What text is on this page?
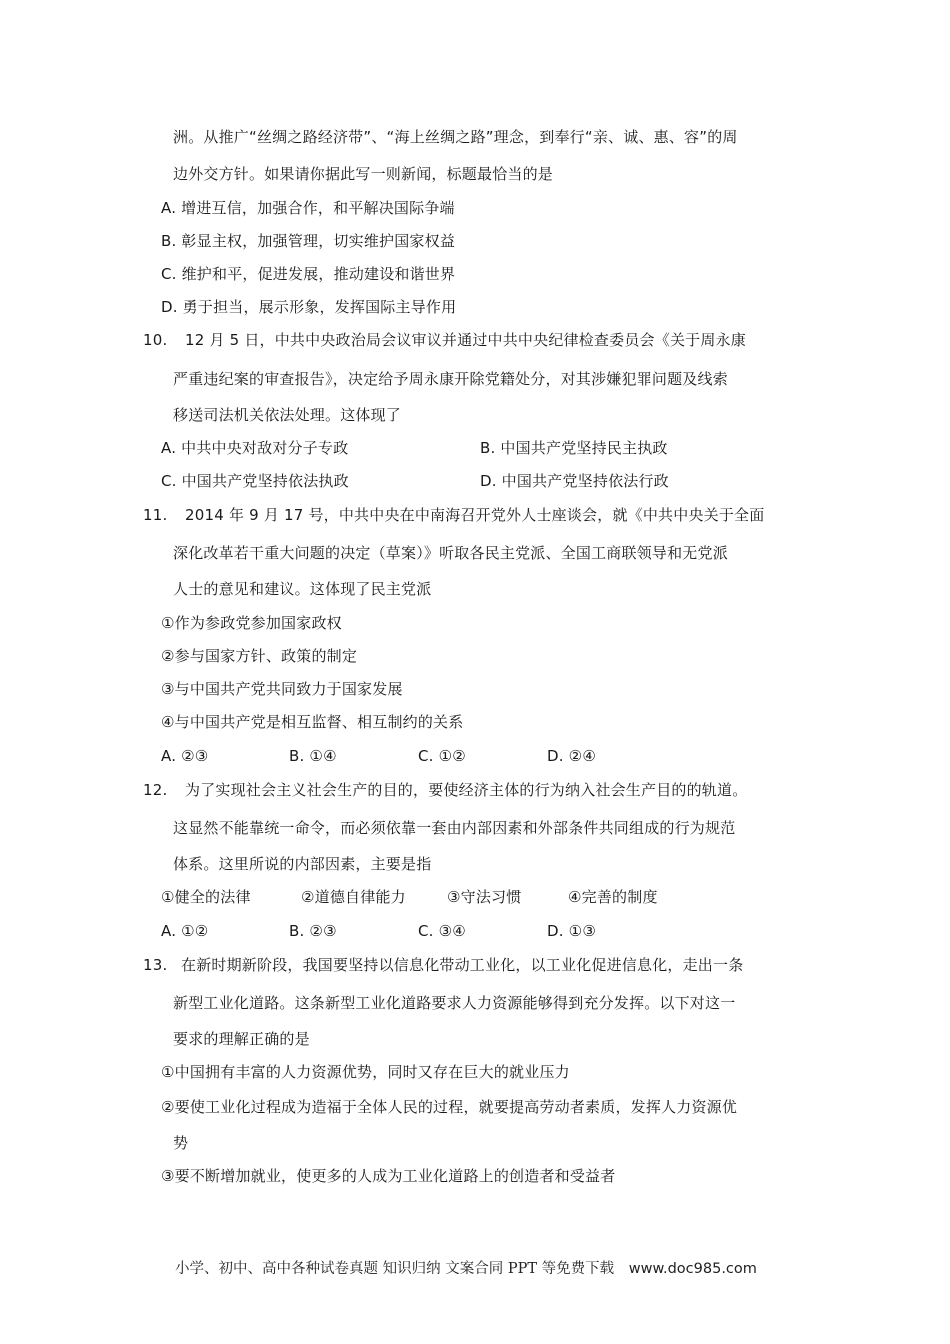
洲。从推广“丝绸之路经济带”、“海上丝绸之路”理念，到奉行“亲、诚、惠、容”的周
边外交方针。如果请你据此写一则新闻，标题最恰当的是
A. 增进互信，加强合作，和平解决国际争端
B. 彰显主权，加强管理，切实维护国家权益
C. 维护和平，促进发展，推动建设和谐世界
D. 勇于担当，展示形象，发挥国际主导作用
10. 12 月 5 日，中共中央政治局会议审议并通过中共中央纪律检查委员会《关于周永康
严重违纪案的审查报告》，决定给予周永康开除党籍处分，对其涉嫌犯罪问题及线索
移送司法机关依法处理。这体现了
A. 中共中央对敌对分子专政	B. 中国共产党坚持民主执政
C. 中国共产党坚持依法执政	D. 中国共产党坚持依法行政
11. 2014 年 9 月 17 号，中共中央在中南海召开党外人士座谈会，就《中共中央关于全面
深化改革若干重大问题的决定（草案）》听取各民主党派、全国工商联领导和无党派
人士的意见和建议。这体现了民主党派
①作为参政党参加国家政权
②参与国家方针、政策的制定
③与中国共产党共同致力于国家发展
④与中国共产党是相互监督、相互制约的关系
A. ②③	B. ①④	C. ①②	D. ②④
12. 为了实现社会主义社会生产的目的，要使经济主体的行为纳入社会生产目的的轨道。
这显然不能靠统一命令，而必须依靠一套由内部因素和外部条件共同组成的行为规范
体系。这里所说的内部因素，主要是指
①健全的法律	②道德自律能力	③守法习惯	④完善的制度
A. ①②	B. ②③	C. ③④	D. ①③
13. 在新时期新阶段，我国要坚持以信息化带动工业化，以工业化促进信息化，走出一条
新型工业化道路。这条新型工业化道路要求人力资源能够得到充分发挥。以下对这一
要求的理解正确的是
①中国拥有丰富的人力资源优势，同时又存在巨大的就业压力
②要使工业化过程成为造福于全体人民的过程，就要提高劳动者素质，发挥人力资源优
势
③要不断增加就业，使更多的人成为工业化道路上的创造者和受益者
小学、初中、高中各种试卷真题 知识归纳 文案合同 PPT 等免费下载 www.doc985.com
